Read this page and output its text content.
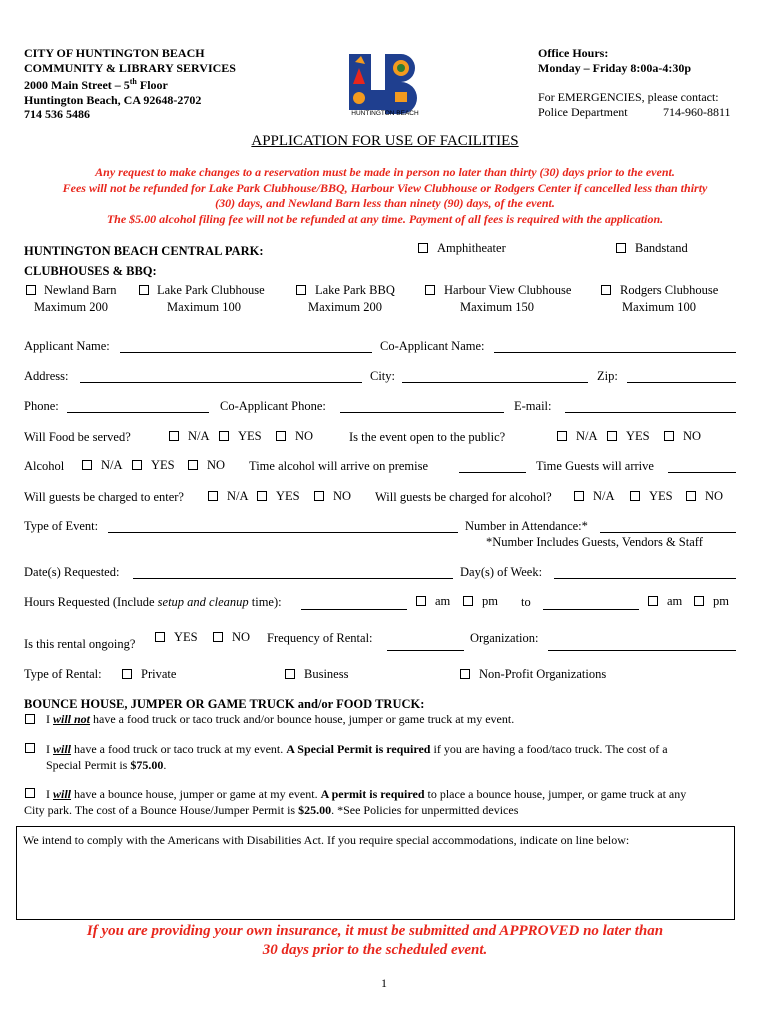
CITY OF HUNTINGTON BEACH
COMMUNITY & LIBRARY SERVICES
2000 Main Street – 5th Floor
Huntington Beach, CA 92648-2702
714 536 5486	HUNTINGTON BEACH
Office Hours:
Monday – Friday 8:00a-4:30p
For EMERGENCIES, please contact:
Police Department	714-960-8811
APPLICATION FOR USE OF FACILITIES
Any request to make changes to a reservation must be made in person no later than thirty (30) days prior to the event.
Fees will not be refunded for Lake Park Clubhouse/BBQ, Harbour View Clubhouse or Rodgers Center if cancelled less than thirty
(30) days, and Newland Barn less than ninety (90) days, of the event.
The $5.00 alcohol filing fee will not be refunded at any time. Payment of all fees is required with the application.
HUNTINGTON BEACH CENTRAL PARK:	Amphitheater	Bandstand
CLUBHOUSES & BBQ:
Newland Barn
Maximum 200
Lake Park Clubhouse
Maximum 100
Lake Park BBQ
Maximum 200
Harbour View Clubhouse
Maximum 150
Rodgers Clubhouse
Maximum 100
Applicant Name:	Co-Applicant Name:
Address:	City:	Zip:
Phone:	Co-Applicant Phone:	E-mail:
Will Food be served?	N/A YES	NO	Is the event open to the public?	N/A YES	NO
Alcohol	N/A YES	NO Time alcohol will arrive on premise	Time Guests will arrive
Will guests be charged to enter?	N/A YES	NO Will guests be charged for alcohol?	N/A	YES	NO
Type of Event:	Number in Attendance:*
*Number Includes Guests, Vendors & Staff
Date(s) Requested:	Day(s) of Week:
Hours Requested (Include setup and cleanup time):	am	pm to	am pm
Is this rental ongoing?	YES	NO Frequency of Rental:	Organization:
Type of Rental:	Private	Business	Non-Profit Organizations
BOUNCE HOUSE, JUMPER OR GAME TRUCK and/or FOOD TRUCK:
I will not have a food truck or taco truck and/or bounce house, jumper or game truck at my event.
I will have a food truck or taco truck at my event. A Special Permit is required if you are having a food/taco truck. The cost of a
Special Permit is $75.00.
I will have a bounce house, jumper or game at my event. A permit is required to place a bounce house, jumper, or game truck at any
City park. The cost of a Bounce House/Jumper Permit is $25.00. *See Policies for unpermitted devices
We intend to comply with the Americans with Disabilities Act. If you require special accommodations, indicate on line below:
If you are providing your own insurance, it must be submitted and APPROVED no later than
30 days prior to the scheduled event.
1
